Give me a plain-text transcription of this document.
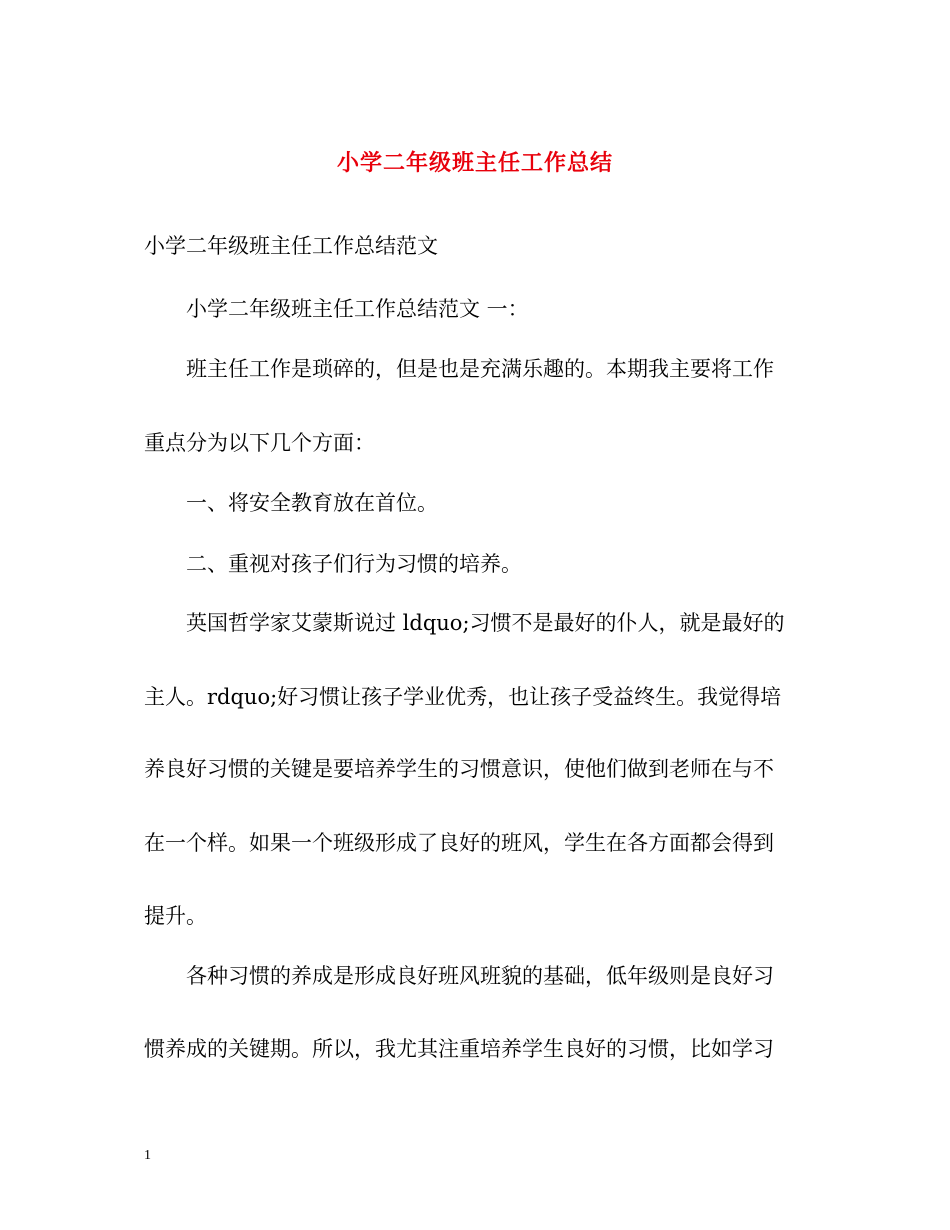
小学二年级班主任工作总结
小学二年级班主任工作总结范文
小学二年级班主任工作总结范文 一：
班主任工作是琐碎的，但是也是充满乐趣的。本期我主要将工作
重点分为以下几个方面：
一、将安全教育放在首位。
二、重视对孩子们行为习惯的培养。
英国哲学家艾蒙斯说过 ldquo;习惯不是最好的仆人，就是最好的
主人。rdquo;好习惯让孩子学业优秀，也让孩子受益终生。我觉得培
养良好习惯的关键是要培养学生的习惯意识，使他们做到老师在与不
在一个样。如果一个班级形成了良好的班风，学生在各方面都会得到
提升。
各种习惯的养成是形成良好班风班貌的基础，低年级则是良好习
惯养成的关键期。所以，我尤其注重培养学生良好的习惯，比如学习
1
